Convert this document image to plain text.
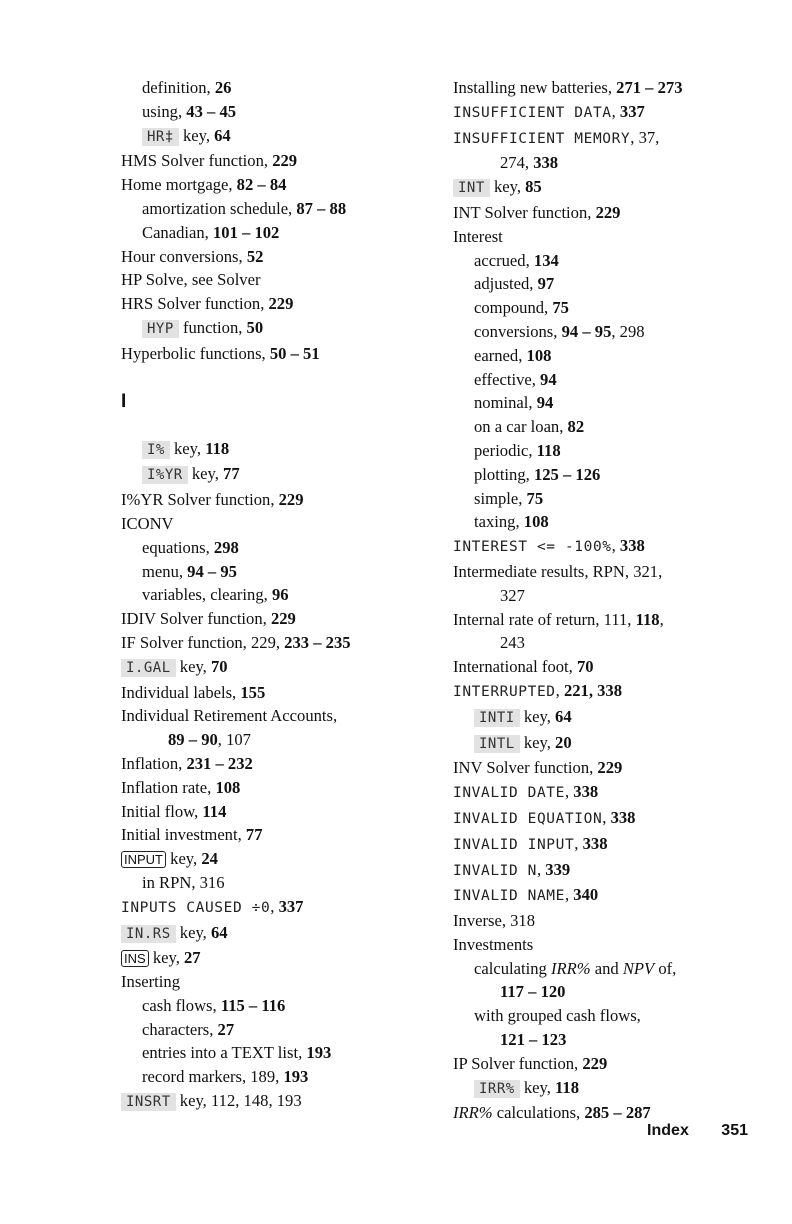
definition, 26
using, 43 – 45
HR‡ key, 64
HMS Solver function, 229
Home mortgage, 82 – 84
amortization schedule, 87 – 88
Canadian, 101 – 102
Hour conversions, 52
HP Solve, see Solver
HRS Solver function, 229
HYP function, 50
Hyperbolic functions, 50 – 51
I
I% key, 118
I%YR key, 77
I%YR Solver function, 229
ICONV
equations, 298
menu, 94 – 95
variables, clearing, 96
IDIV Solver function, 229
IF Solver function, 229, 233 – 235
I.GAL key, 70
Individual labels, 155
Individual Retirement Accounts,
89 – 90, 107
Inflation, 231 – 232
Inflation rate, 108
Initial flow, 114
Initial investment, 77
INPUT key, 24
in RPN, 316
INPUTS CAUSED ÷0, 337
IN.RS key, 64
INS key, 27
Inserting
cash flows, 115 – 116
characters, 27
entries into a TEXT list, 193
record markers, 189, 193
INSRT key, 112, 148, 193
Installing new batteries, 271 – 273
INSUFFICIENT DATA, 337
INSUFFICIENT MEMORY, 37,
274, 338
INT key, 85
INT Solver function, 229
Interest
accrued, 134
adjusted, 97
compound, 75
conversions, 94 – 95, 298
earned, 108
effective, 94
nominal, 94
on a car loan, 82
periodic, 118
plotting, 125 – 126
simple, 75
taxing, 108
INTEREST <= -100%, 338
Intermediate results, RPN, 321,
327
Internal rate of return, 111, 118,
243
International foot, 70
INTERRUPTED, 221, 338
INTI key, 64
INTL key, 20
INV Solver function, 229
INVALID DATE, 338
INVALID EQUATION, 338
INVALID INPUT, 338
INVALID N, 339
INVALID NAME, 340
Inverse, 318
Investments
calculating IRR% and NPV of,
117 – 120
with grouped cash flows,
121 – 123
IP Solver function, 229
IRR% key, 118
IRR% calculations, 285 – 287
Index 351
